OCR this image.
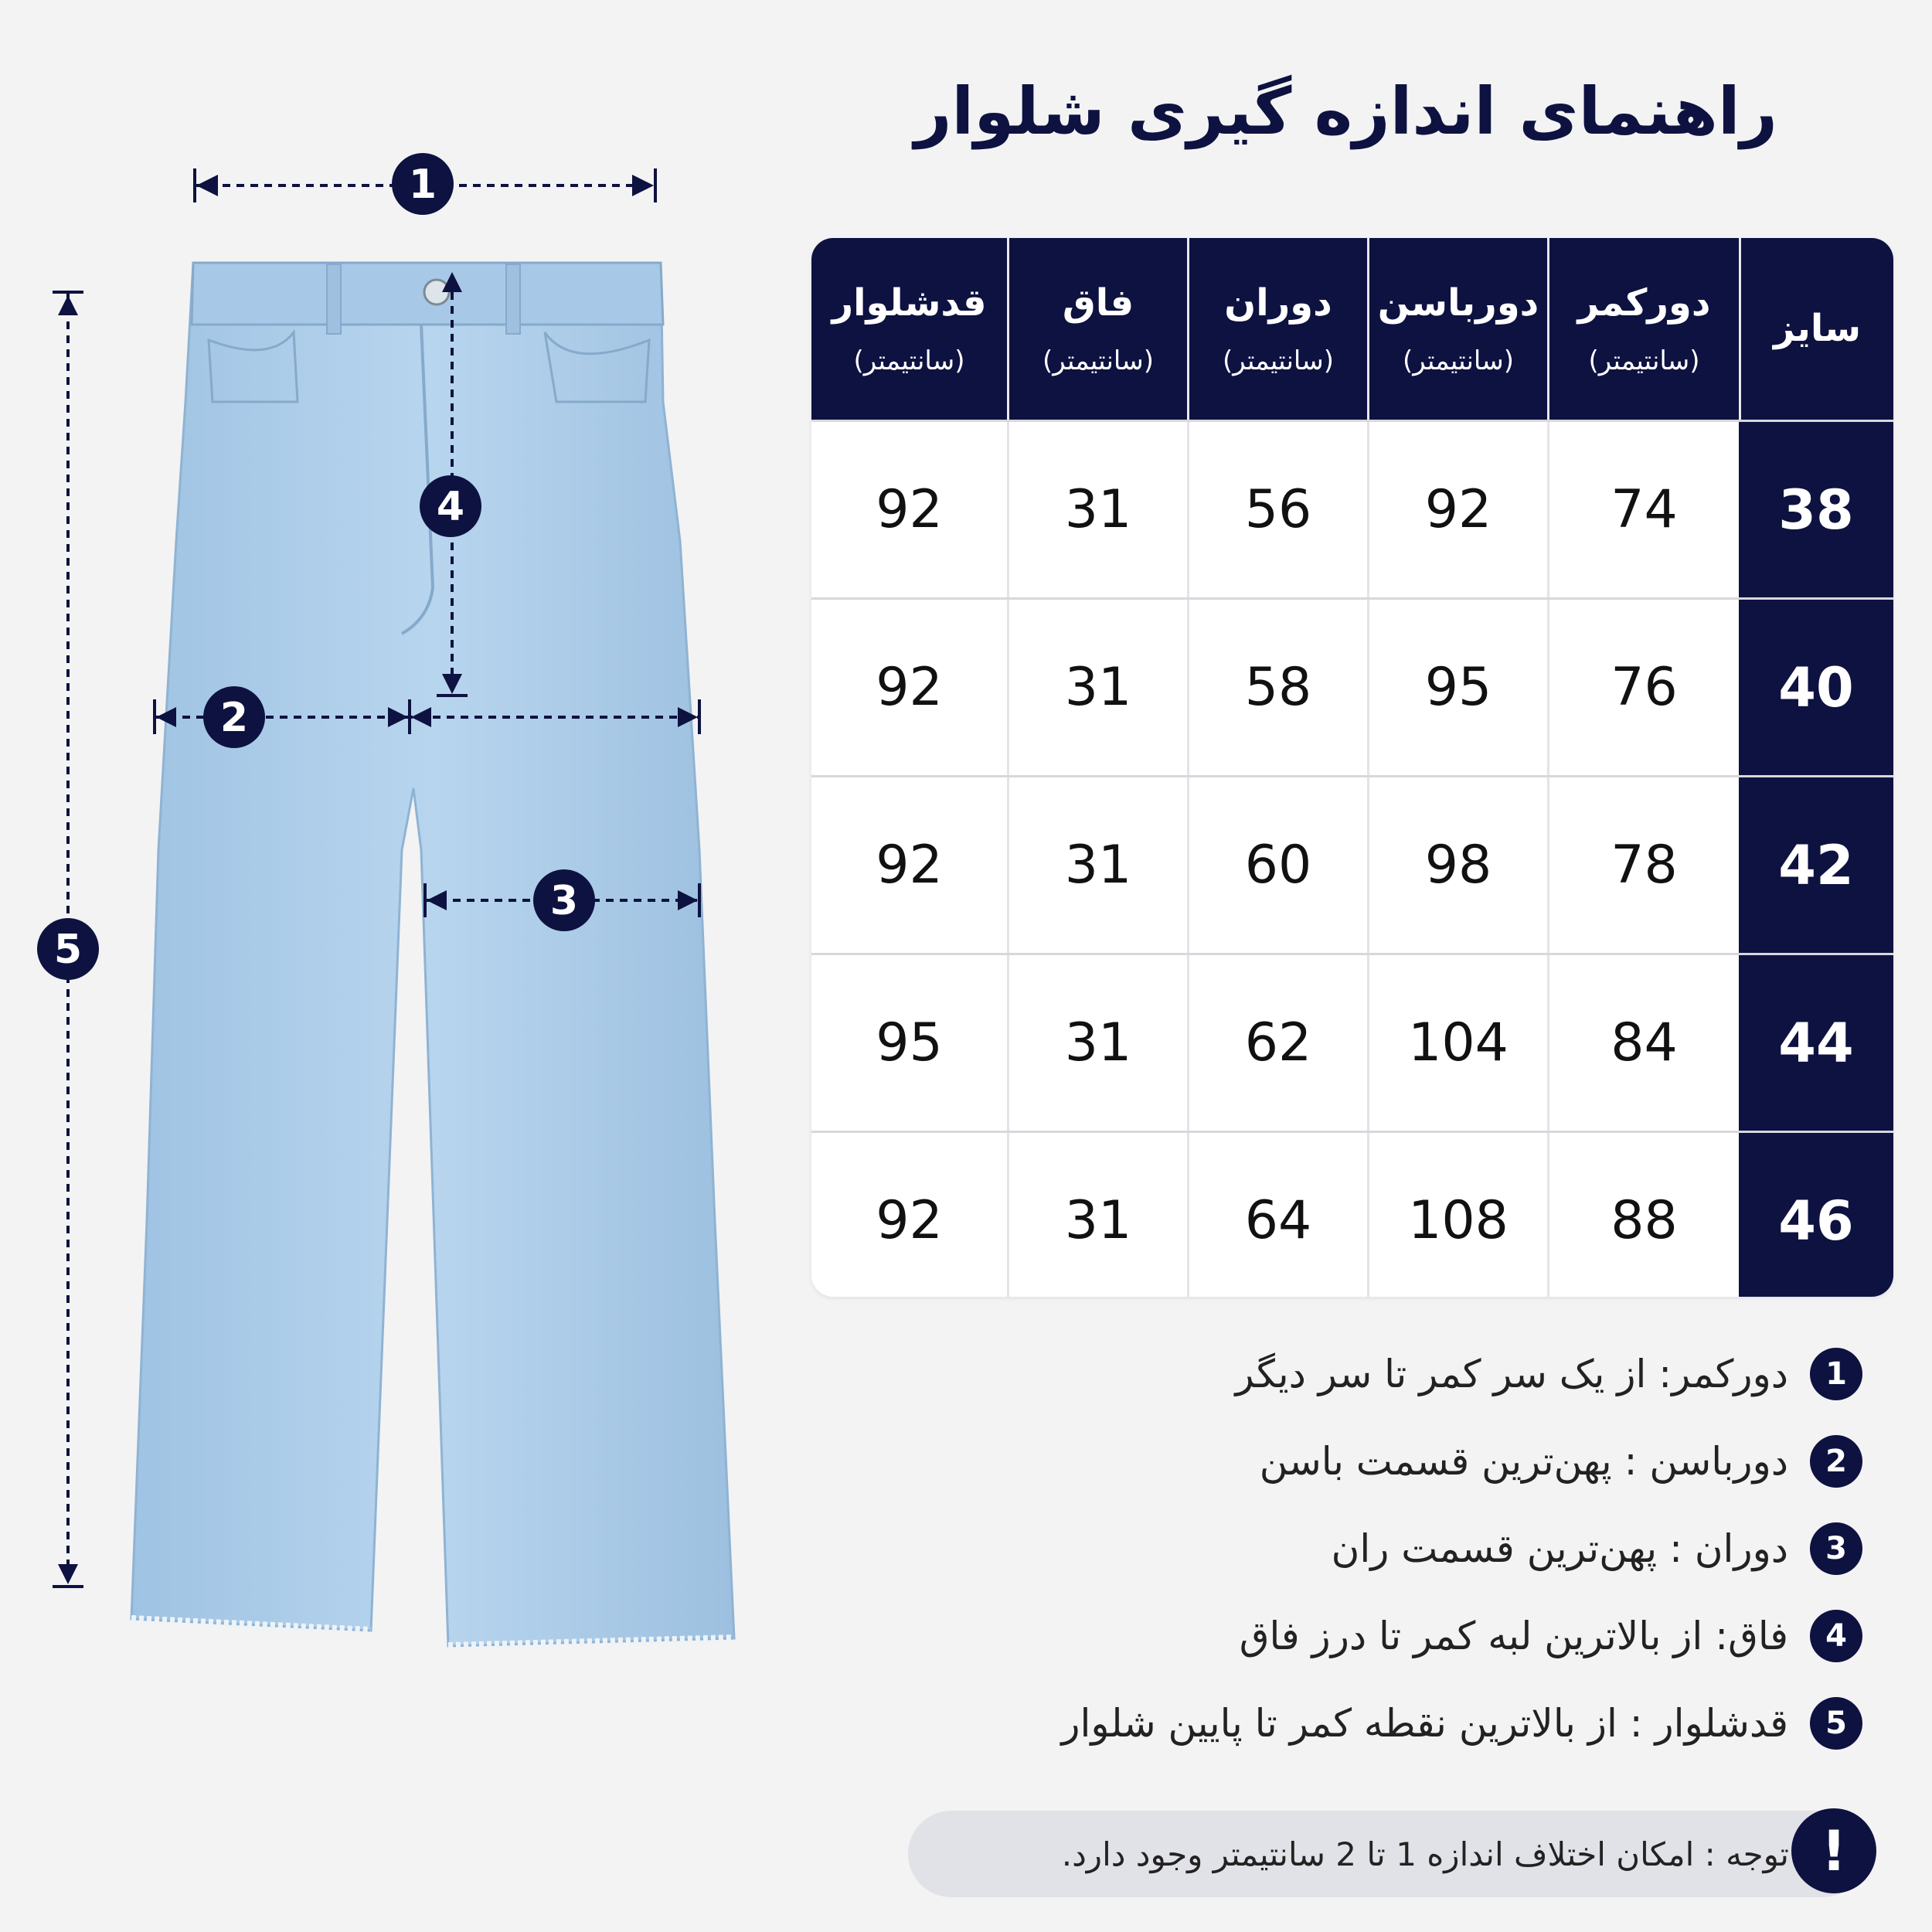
1
4
2
3
5
راهنمای اندازه گیری شلوار
سایز
دورکمر
(سانتیمتر)
دورباسن
(سانتیمتر)
دوران
(سانتیمتر)
فاق
(سانتیمتر)
قدشلوار
(سانتیمتر)
38
74
92
56
31
92
40
76
95
58
31
92
42
78
98
60
31
92
44
84
104
62
31
95
46
88
108
64
31
92
1
دورکمر: از یک سر کمر تا سر دیگر
2
دورباسن : پهن‌ترین قسمت باسن
3
دوران : پهن‌ترین قسمت ران
4
فاق: از بالاترین لبه کمر تا درز فاق
5
قدشلوار : از بالاترین نقطه کمر تا پایین شلوار
توجه : امکان اختلاف اندازه 1 تا 2 سانتیمتر وجود دارد. !
